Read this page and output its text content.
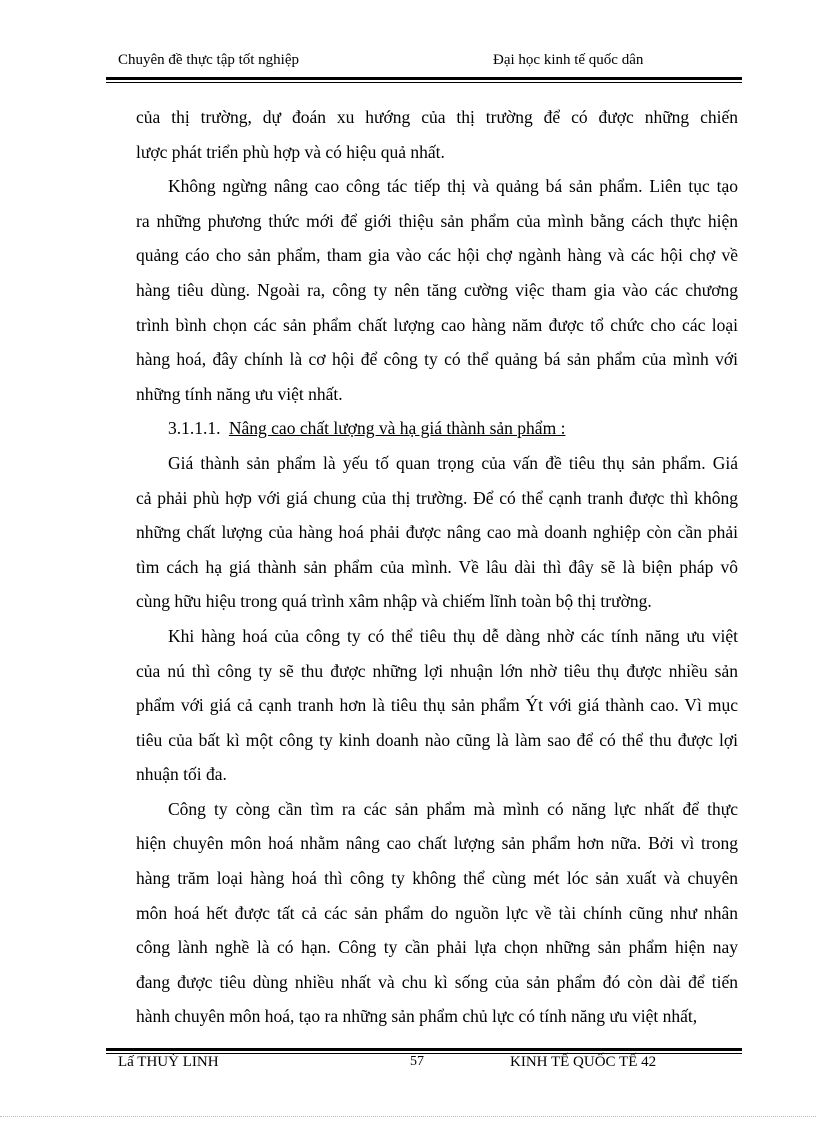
Chuyên đề thực tập tốt nghiệp	Đại học kinh tế quốc dân
của thị trường, dự đoán xu hướng của thị trường để có được những chiến
lược phát triển phù hợp và có hiệu quả nhất.
Không ngừng nâng cao công tác tiếp thị và quảng bá sản phẩm. Liên tục tạo
ra những phương thức mới để giới thiệu sản phẩm của mình bằng cách thực hiện
quảng cáo cho sản phẩm, tham gia vào các hội chợ ngành hàng và các hội chợ về
hàng tiêu dùng. Ngoài ra, công ty nên tăng cường việc tham gia vào các chương
trình bình chọn các sản phẩm chất lượng cao hàng năm được tổ chức cho các loại
hàng hoá, đây chính là cơ hội để công ty có thể quảng bá sản phẩm của mình với
những tính năng ưu việt nhất.
3.1.1.1. Nâng cao chất lượng và hạ giá thành sản phẩm :
Giá thành sản phẩm là yếu tố quan trọng của vấn đề tiêu thụ sản phẩm. Giá
cả phải phù hợp với giá chung của thị trường. Để có thể cạnh tranh được thì không
những chất lượng của hàng hoá phải được nâng cao mà doanh nghiệp còn cần phải
tìm cách hạ giá thành sản phẩm của mình. Về lâu dài thì đây sẽ là biện pháp vô
cùng hữu hiệu trong quá trình xâm nhập và chiếm lĩnh toàn bộ thị trường.
Khi hàng hoá của công ty có thể tiêu thụ dễ dàng nhờ các tính năng ưu việt
của nú thì công ty sẽ thu được những lợi nhuận lớn nhờ tiêu thụ được nhiều sản
phẩm với giá cả cạnh tranh hơn là tiêu thụ sản phẩm Ýt với giá thành cao. Vì mục
tiêu của bất kì một công ty kinh doanh nào cũng là làm sao để có thể thu được lợi
nhuận tối đa.
Công ty còng cần tìm ra các sản phẩm mà mình có năng lực nhất để thực
hiện chuyên môn hoá nhằm nâng cao chất lượng sản phẩm hơn nữa. Bởi vì trong
hàng trăm loại hàng hoá thì công ty không thể cùng mét lóc sản xuất và chuyên
môn hoá hết được tất cả các sản phẩm do nguồn lực về tài chính cũng như nhân
công lành nghề là có hạn. Công ty cần phải lựa chọn những sản phẩm hiện nay
đang được tiêu dùng nhiều nhất và chu kì sống của sản phẩm đó còn dài để tiến
hành chuyên môn hoá, tạo ra những sản phẩm chủ lực có tính năng ưu việt nhất,
Lấ THUỲ LINH	57	KINH TẾ QUỐC TẾ 42
